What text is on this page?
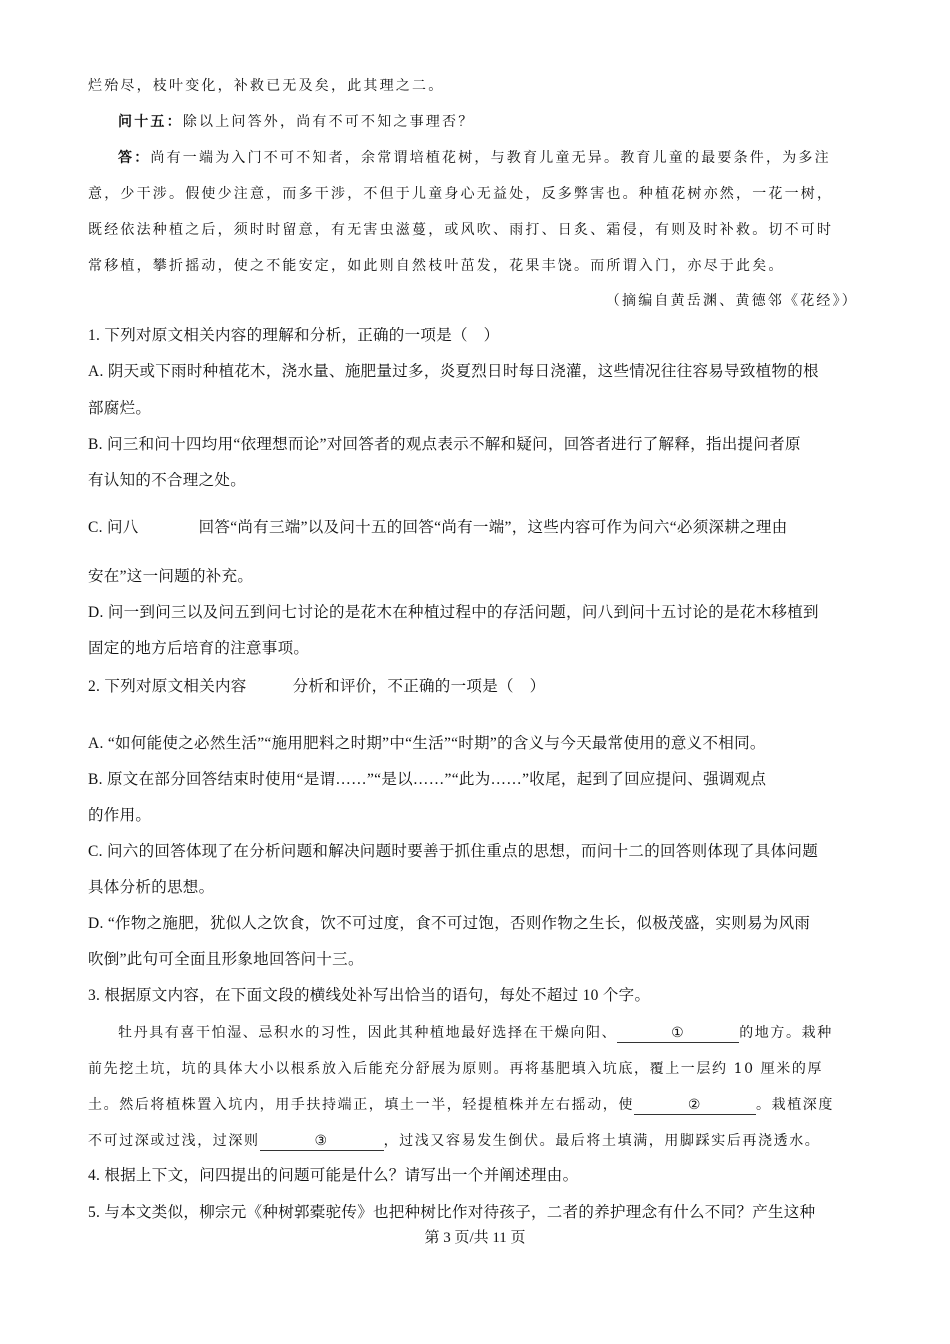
烂殆尽，枝叶变化，补救已无及矣，此其理之二。
问十五：除以上问答外，尚有不可不知之事理否？
答：尚有一端为入门不可不知者，余常谓培植花树，与教育儿童无异。教育儿童的最要条件，为多注
意，少干涉。假使少注意，而多干涉，不但于儿童身心无益处，反多弊害也。种植花树亦然，一花一树，
既经依法种植之后，须时时留意，有无害虫滋蔓，或风吹、雨打、日炙、霜侵，有则及时补救。切不可时
常移植，攀折摇动，使之不能安定，如此则自然枝叶茁发，花果丰饶。而所谓入门，亦尽于此矣。
（摘编自黄岳渊、黄德邻《花经》）
1. 下列对原文相关内容的理解和分析，正确的一项是（　）
A. 阴天或下雨时种植花木，浇水量、施肥量过多，炎夏烈日时每日浇灌，这些情况往往容易导致植物的根
部腐烂。
B. 问三和问十四均用“依理想而论”对回答者的观点表示不解和疑问，回答者进行了解释，指出提问者原
有认知的不合理之处。
C. 问八	回答“尚有三端”以及问十五的回答“尚有一端”，这些内容可作为问六“必须深耕之理由
安在”这一问题的补充。
D. 问一到问三以及问五到问七讨论的是花木在种植过程中的存活问题，问八到问十五讨论的是花木移植到
固定的地方后培育的注意事项。
2. 下列对原文相关内容	分析和评价，不正确的一项是（　）
A. “如何能使之必然生活”“施用肥料之时期”中“生活”“时期”的含义与今天最常使用的意义不相同。
B. 原文在部分回答结束时使用“是谓……”“是以……”“此为……”收尾，起到了回应提问、强调观点
的作用。
C. 问六的回答体现了在分析问题和解决问题时要善于抓住重点的思想，而问十二的回答则体现了具体问题
具体分析的思想。
D. “作物之施肥，犹似人之饮食，饮不可过度，食不可过饱，否则作物之生长，似极茂盛，实则易为风雨
吹倒”此句可全面且形象地回答问十三。
3. 根据原文内容，在下面文段的横线处补写出恰当的语句，每处不超过 10 个字。
牡丹具有喜干怕湿、忌积水的习性，因此其种植地最好选择在干燥向阳、	①	的地方。栽种
前先挖土坑，坑的具体大小以根系放入后能充分舒展为原则。再将基肥填入坑底，覆上一层约 10 厘米的厚
土。然后将植株置入坑内，用手扶持端正，填土一半，轻提植株并左右摇动，使	②	。栽植深度
不可过深或过浅，过深则	③	，过浅又容易发生倒伏。最后将土填满，用脚踩实后再浇透水。
4. 根据上下文，问四提出的问题可能是什么？请写出一个并阐述理由。
5. 与本文类似，柳宗元《种树郭橐驼传》也把种树比作对待孩子，二者的养护理念有什么不同？产生这种
第 3 页/共 11 页
